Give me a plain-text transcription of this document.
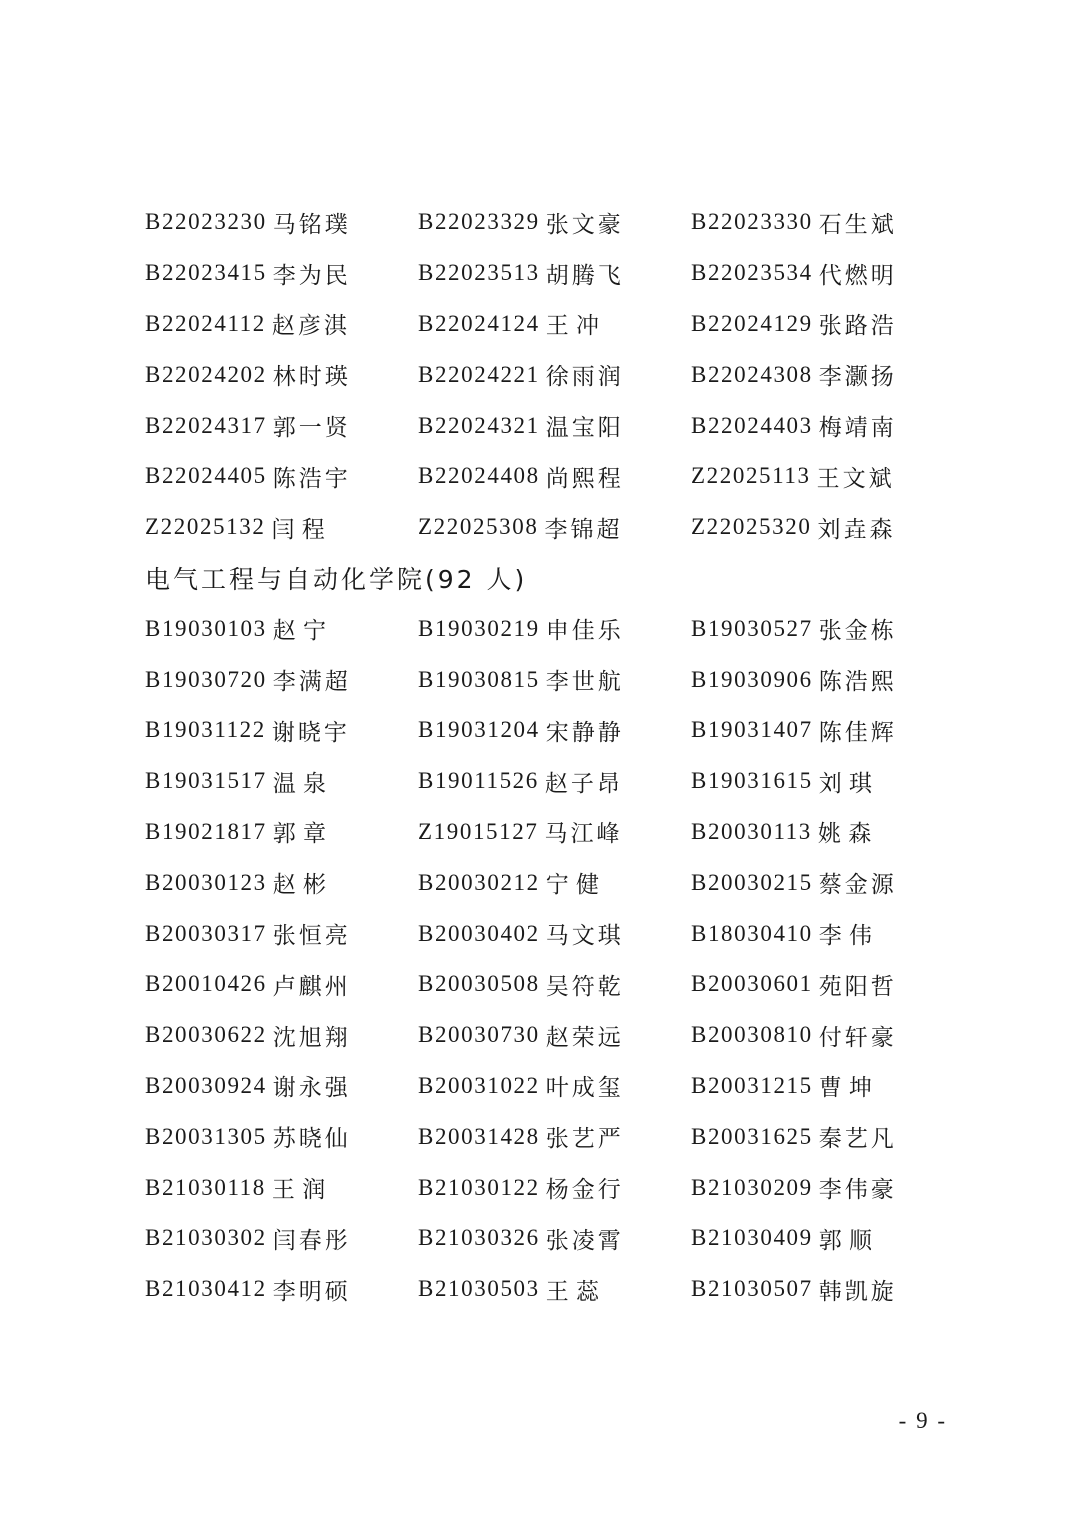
B22023230 马铭璞	B22023329 张文豪	B22023330 石生斌
B22023415 李为民	B22023513 胡腾飞	B22023534 代燃明
B22024112 赵彦淇	B22024124 王 冲	B22024129 张路浩
B22024202 林时瑛	B22024221 徐雨润	B22024308 李灏扬
B22024317 郭一贤	B22024321 温宝阳	B22024403 梅靖南
B22024405 陈浩宇	B22024408 尚熙程	Z22025113 王文斌
Z22025132 闫 程	Z22025308 李锦超	Z22025320 刘垚森
电气工程与自动化学院(92 人)
B19030103 赵 宁	B19030219 申佳乐	B19030527 张金栋
B19030720 李满超	B19030815 李世航	B19030906 陈浩熙
B19031122 谢晓宇	B19031204 宋静静	B19031407 陈佳辉
B19031517 温 泉	B19011526 赵子昂	B19031615 刘 琪
B19021817 郭 章	Z19015127 马江峰	B20030113 姚 森
B20030123 赵 彬	B20030212 宁 健	B20030215 蔡金源
B20030317 张恒亮	B20030402 马文琪	B18030410 李 伟
B20010426 卢麒州	B20030508 吴符乾	B20030601 苑阳哲
B20030622 沈旭翔	B20030730 赵荣远	B20030810 付轩豪
B20030924 谢永强	B20031022 叶成玺	B20031215 曹 坤
B20031305 苏晓仙	B20031428 张艺严	B20031625 秦艺凡
B21030118 王 润	B21030122 杨金行	B21030209 李伟豪
B21030302 闫春彤	B21030326 张凌霄	B21030409 郭 顺
B21030412 李明硕	B21030503 王 蕊	B21030507 韩凯旋
- 9 -
